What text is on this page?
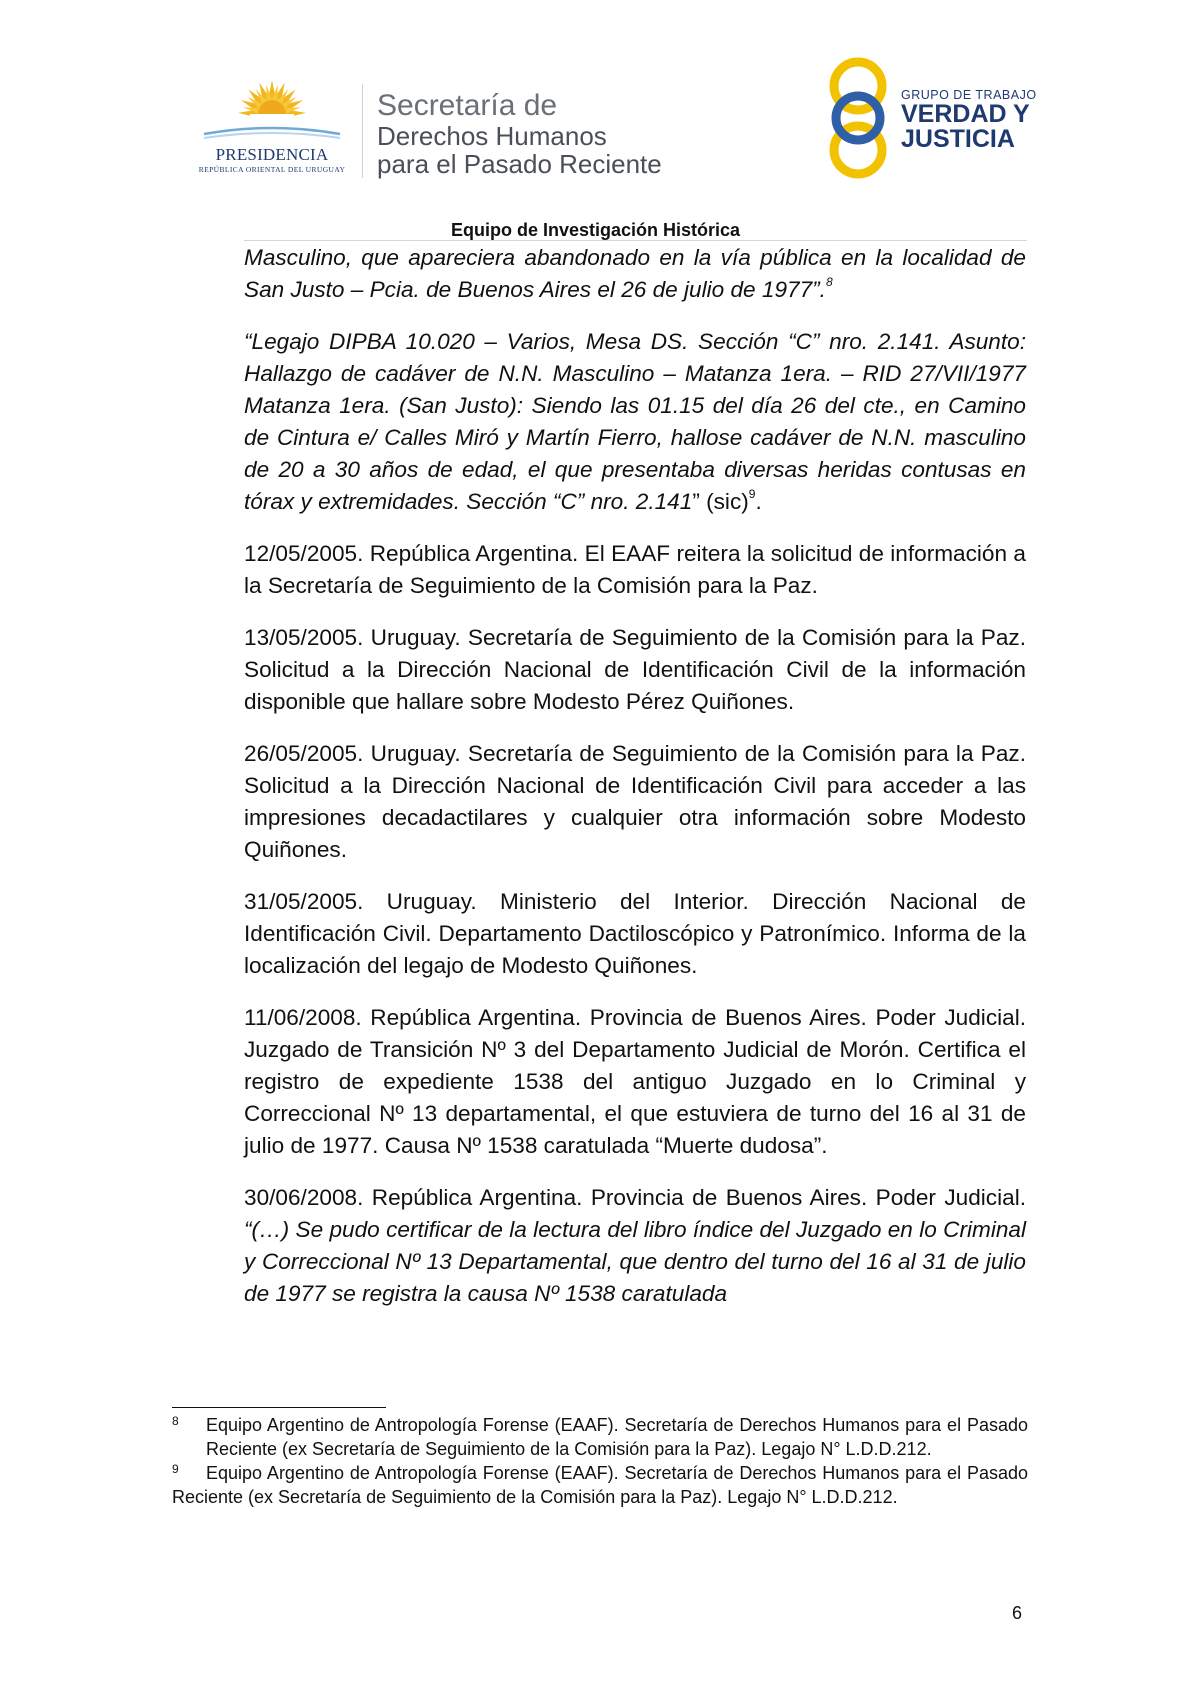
PRESIDENCIA
REPÚBLICA ORIENTAL DEL URUGUAY
Secretaría de
Derechos Humanos
para el Pasado Reciente
GRUPO DE TRABAJO
VERDAD Y
JUSTICIA
Equipo de Investigación Histórica

Masculino, que apareciera abandonado en la vía pública en la localidad de San Justo – Pcia. de Buenos Aires el 26 de julio de 1977”.$^8$

“Legajo DIPBA 10.020 – Varios, Mesa DS. Sección “C” nro. 2.141. Asunto: Hallazgo de cadáver de N.N. Masculino – Matanza 1era. – RID 27/VII/1977 Matanza 1era. (San Justo): Siendo las 01.15 del día 26 del cte., en Camino de Cintura e/ Calles Miró y Martín Fierro, hallose cadáver de N.N. masculino de 20 a 30 años de edad, el que presentaba diversas heridas contusas en tórax y extremidades. Sección “C” nro. 2.141” (sic)$^9$.

12/05/2005. República Argentina. El EAAF reitera la solicitud de información a la Secretaría de Seguimiento de la Comisión para la Paz.

13/05/2005. Uruguay. Secretaría de Seguimiento de la Comisión para la Paz. Solicitud a la Dirección Nacional de Identificación Civil de la información disponible que hallare sobre Modesto Pérez Quiñones.

26/05/2005. Uruguay. Secretaría de Seguimiento de la Comisión para la Paz. Solicitud a la Dirección Nacional de Identificación Civil para acceder a las impresiones decadactilares y cualquier otra información sobre Modesto Quiñones.

31/05/2005. Uruguay. Ministerio del Interior. Dirección Nacional de Identificación Civil. Departamento Dactiloscópico y Patronímico. Informa de la localización del legajo de Modesto Quiñones.

11/06/2008. República Argentina. Provincia de Buenos Aires. Poder Judicial. Juzgado de Transición Nº 3 del Departamento Judicial de Morón. Certifica el registro de expediente 1538 del antiguo Juzgado en lo Criminal y Correccional Nº 13 departamental, el que estuviera de turno del 16 al 31 de julio de 1977. Causa Nº 1538 caratulada “Muerte dudosa”.

30/06/2008. República Argentina. Provincia de Buenos Aires. Poder Judicial. “(…) Se pudo certificar de la lectura del libro índice del Juzgado en lo Criminal y Correccional Nº 13 Departamental, que dentro del turno del 16 al 31 de julio de 1977 se registra la causa Nº 1538 caratulada

8	Equipo Argentino de Antropología Forense (EAAF). Secretaría de Derechos Humanos para el Pasado Reciente (ex Secretaría de Seguimiento de la Comisión para la Paz). Legajo N° L.D.D.212.
9	Equipo Argentino de Antropología Forense (EAAF). Secretaría de Derechos Humanos para el Pasado Reciente (ex Secretaría de Seguimiento de la Comisión para la Paz). Legajo N° L.D.D.212.
6
